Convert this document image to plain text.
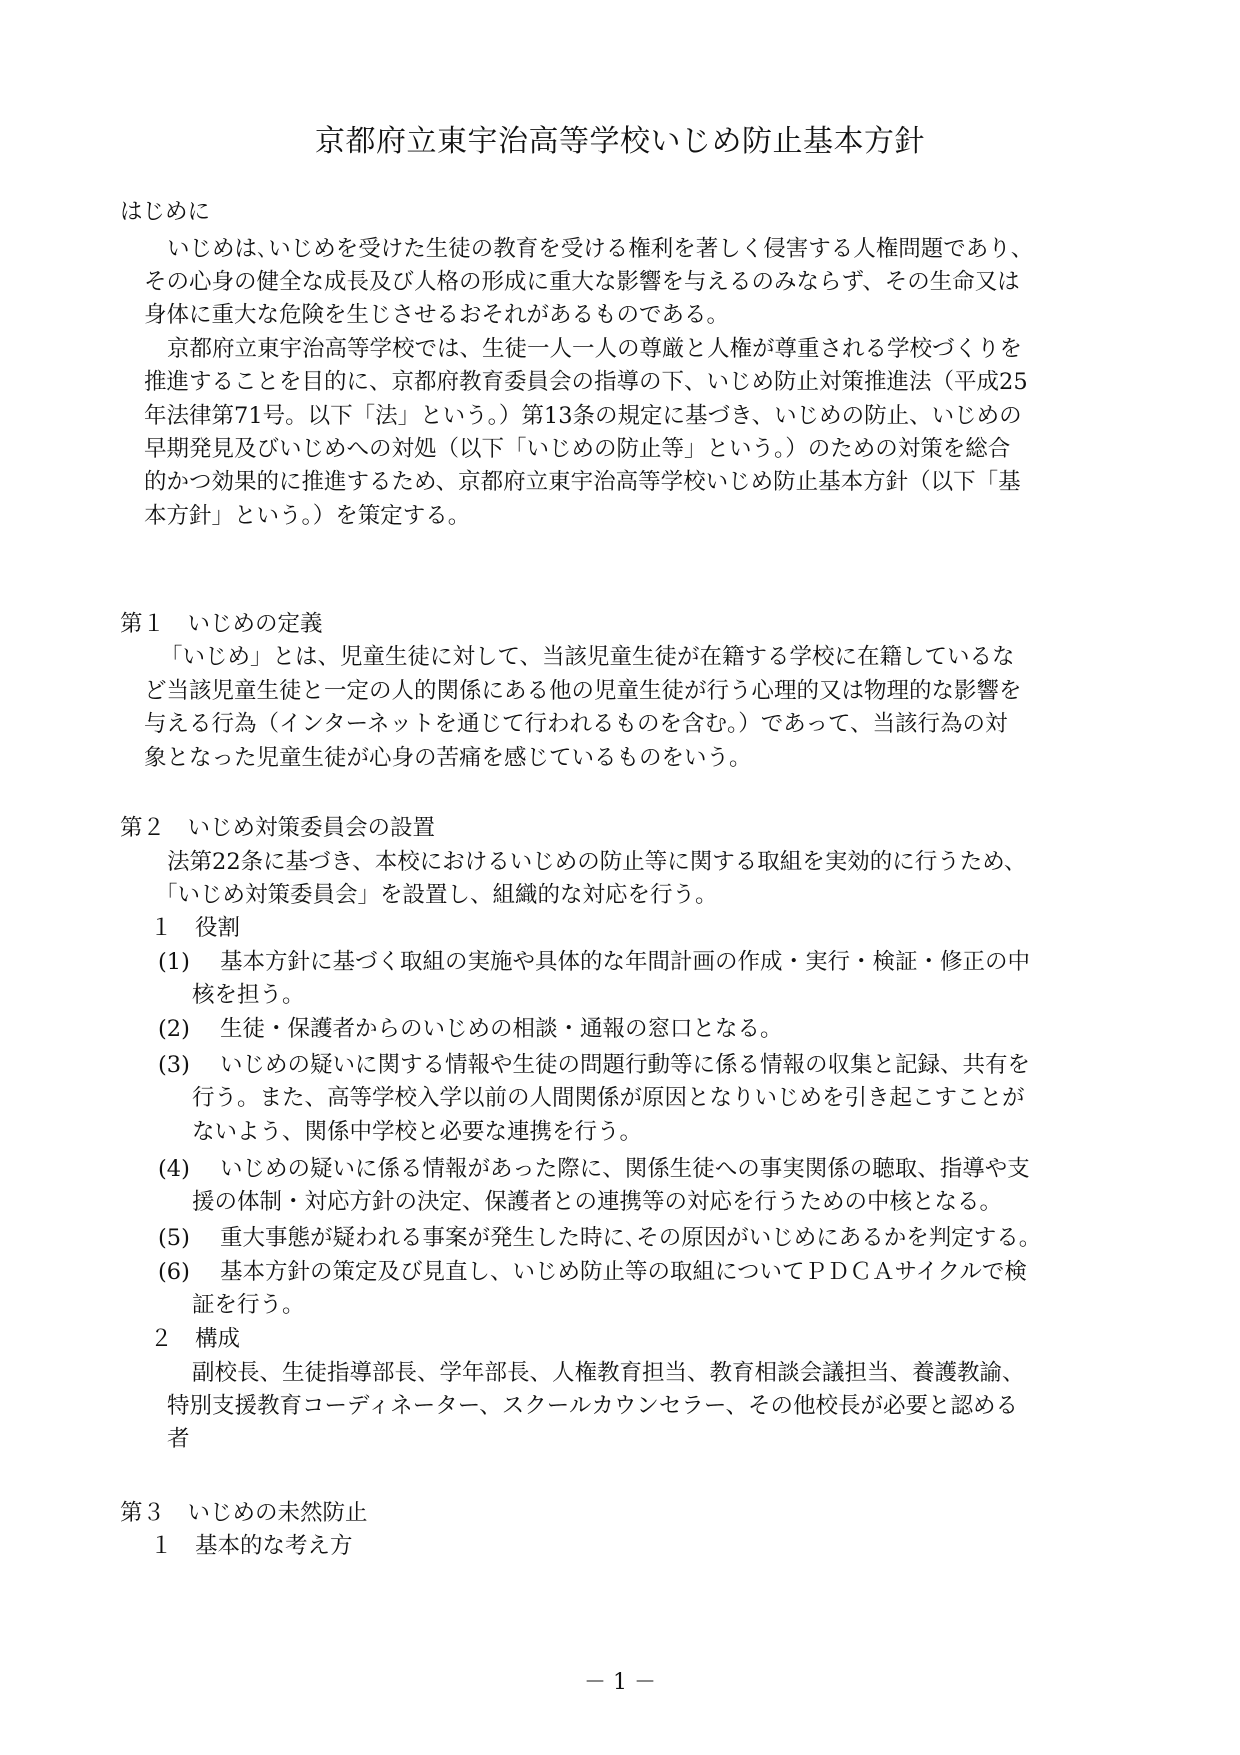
京都府立東宇治高等学校いじめ防止基本方針
はじめに
いじめは､いじめを受けた生徒の教育を受ける権利を著しく侵害する人権問題であり、
その心身の健全な成長及び人格の形成に重大な影響を与えるのみならず、その生命又は
身体に重大な危険を生じさせるおそれがあるものである。
京都府立東宇治高等学校では、生徒一人一人の尊厳と人権が尊重される学校づくりを
推進することを目的に、京都府教育委員会の指導の下、いじめ防止対策推進法（平成25
年法律第71号。以下「法」という。）第13条の規定に基づき、いじめの防止、いじめの
早期発見及びいじめへの対処（以下「いじめの防止等」という。）のための対策を総合
的かつ効果的に推進するため、京都府立東宇治高等学校いじめ防止基本方針（以下「基
本方針」という。）を策定する。
第１　いじめの定義
「いじめ」とは、児童生徒に対して、当該児童生徒が在籍する学校に在籍しているな
ど当該児童生徒と一定の人的関係にある他の児童生徒が行う心理的又は物理的な影響を
与える行為（インターネットを通じて行われるものを含む｡）であって、当該行為の対
象となった児童生徒が心身の苦痛を感じているものをいう。
第２　いじめ対策委員会の設置
法第22条に基づき、本校におけるいじめの防止等に関する取組を実効的に行うため、
「いじめ対策委員会」を設置し、組織的な対応を行う。
１　役割
(1) 基本方針に基づく取組の実施や具体的な年間計画の作成・実行・検証・修正の中
核を担う。
(2) 生徒・保護者からのいじめの相談・通報の窓口となる。
(3) いじめの疑いに関する情報や生徒の問題行動等に係る情報の収集と記録、共有を
行う。また、高等学校入学以前の人間関係が原因となりいじめを引き起こすことが
ないよう、関係中学校と必要な連携を行う。
(4) いじめの疑いに係る情報があった際に、関係生徒への事実関係の聴取、指導や支
援の体制・対応方針の決定、保護者との連携等の対応を行うための中核となる。
(5) 重大事態が疑われる事案が発生した時に､その原因がいじめにあるかを判定する。
(6) 基本方針の策定及び見直し、いじめ防止等の取組についてＰＤＣＡサイクルで検
証を行う。
２　構成
副校長、生徒指導部長、学年部長、人権教育担当、教育相談会議担当、養護教諭、
特別支援教育コーディネーター、スクールカウンセラー、その他校長が必要と認める
者
第３　いじめの未然防止
１　基本的な考え方
－ 1 －
